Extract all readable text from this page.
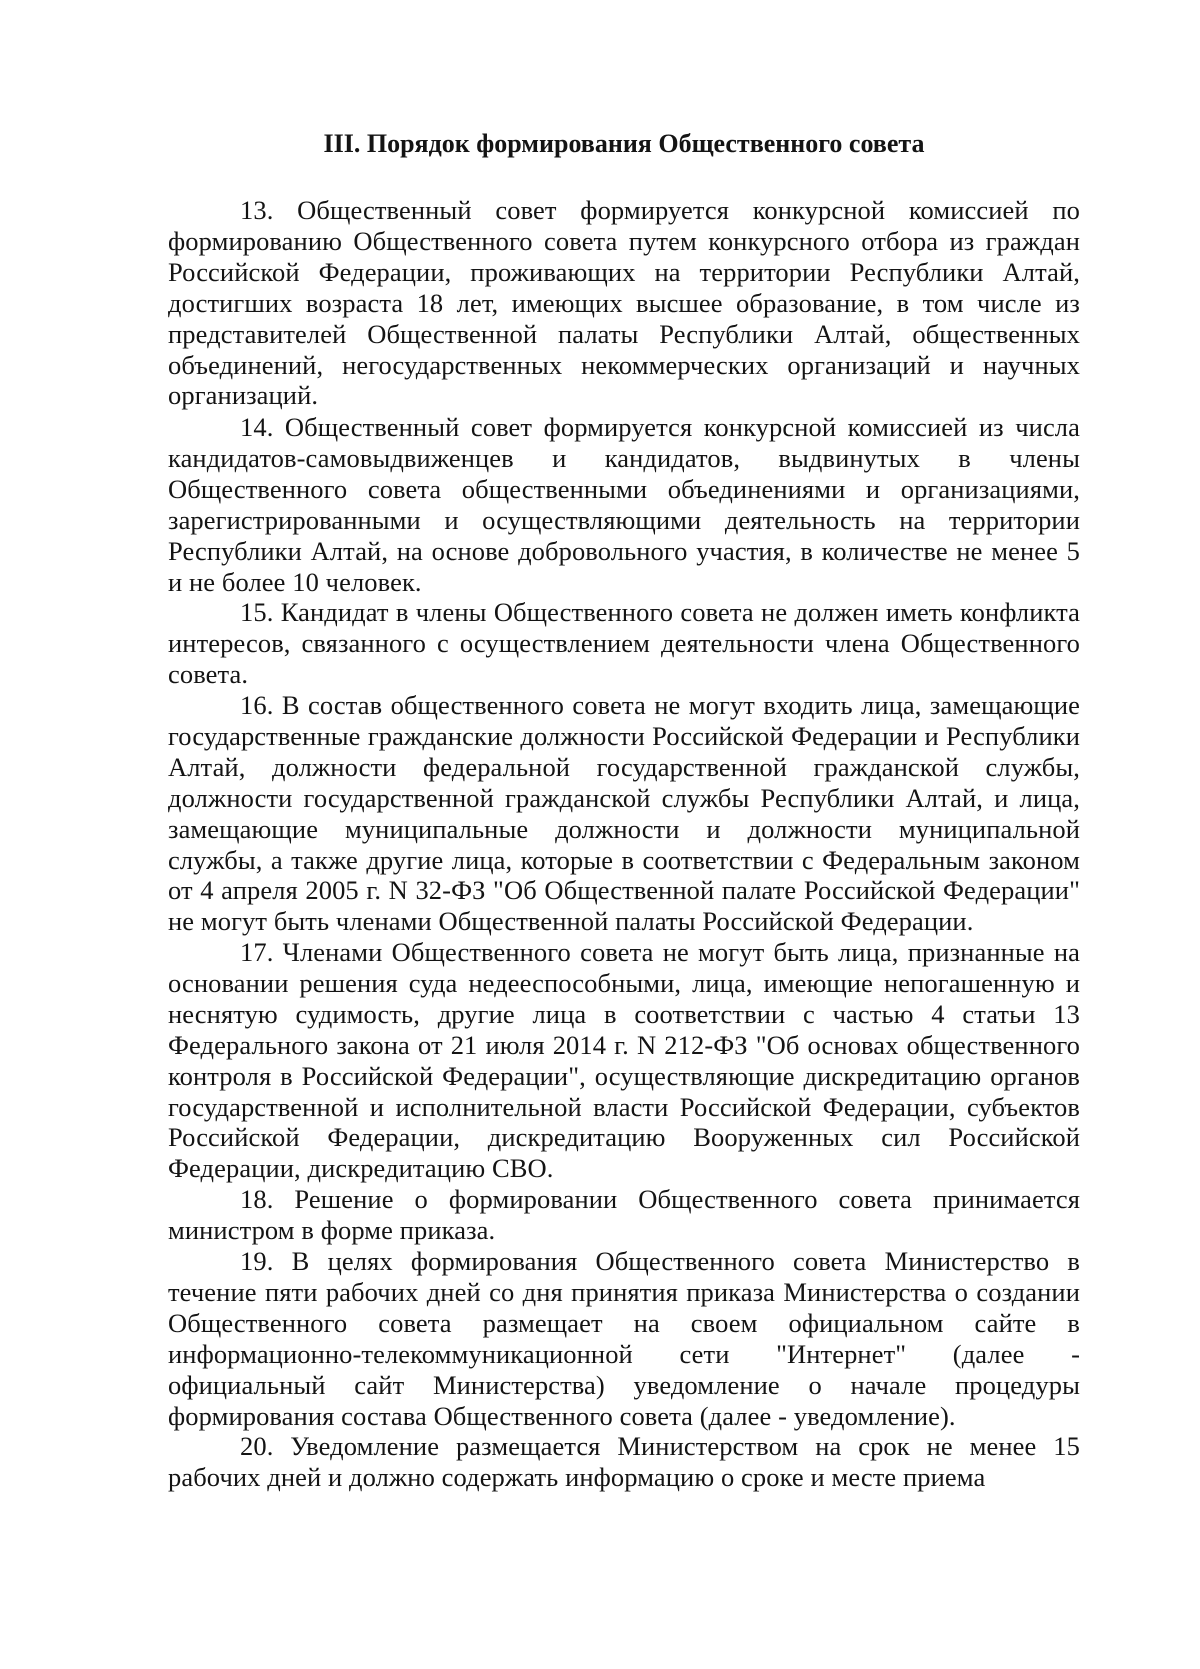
III. Порядок формирования Общественного совета

13. Общественный совет формируется конкурсной комиссией по формированию Общественного совета путем конкурсного отбора из граждан Российской Федерации, проживающих на территории Республики Алтай, достигших возраста 18 лет, имеющих высшее образование, в том числе из представителей Общественной палаты Республики Алтай, общественных объединений, негосударственных некоммерческих организаций и научных организаций.

14. Общественный совет формируется конкурсной комиссией из числа кандидатов-самовыдвиженцев и кандидатов, выдвинутых в члены Общественного совета общественными объединениями и организациями, зарегистрированными и осуществляющими деятельность на территории Республики Алтай, на основе добровольного участия, в количестве не менее 5 и не более 10 человек.

15. Кандидат в члены Общественного совета не должен иметь конфликта интересов, связанного с осуществлением деятельности члена Общественного совета.

16. В состав общественного совета не могут входить лица, замещающие государственные гражданские должности Российской Федерации и Республики Алтай, должности федеральной государственной гражданской службы, должности государственной гражданской службы Республики Алтай, и лица, замещающие муниципальные должности и должности муниципальной службы, а также другие лица, которые в соответствии с Федеральным законом от 4 апреля 2005 г. N 32-ФЗ "Об Общественной палате Российской Федерации" не могут быть членами Общественной палаты Российской Федерации.

17. Членами Общественного совета не могут быть лица, признанные на основании решения суда недееспособными, лица, имеющие непогашенную и неснятую судимость, другие лица в соответствии с частью 4 статьи 13 Федерального закона от 21 июля 2014 г. N 212-ФЗ "Об основах общественного контроля в Российской Федерации", осуществляющие дискредитацию органов государственной и исполнительной власти Российской Федерации, субъектов Российской Федерации, дискредитацию Вооруженных сил Российской Федерации, дискредитацию СВО.

18. Решение о формировании Общественного совета принимается министром в форме приказа.

19. В целях формирования Общественного совета Министерство в течение пяти рабочих дней со дня принятия приказа Министерства о создании Общественного совета размещает на своем официальном сайте в информационно-телекоммуникационной сети "Интернет" (далее - официальный сайт Министерства) уведомление о начале процедуры формирования состава Общественного совета (далее - уведомление).

20. Уведомление размещается Министерством на срок не менее 15 рабочих дней и должно содержать информацию о сроке и месте приема
